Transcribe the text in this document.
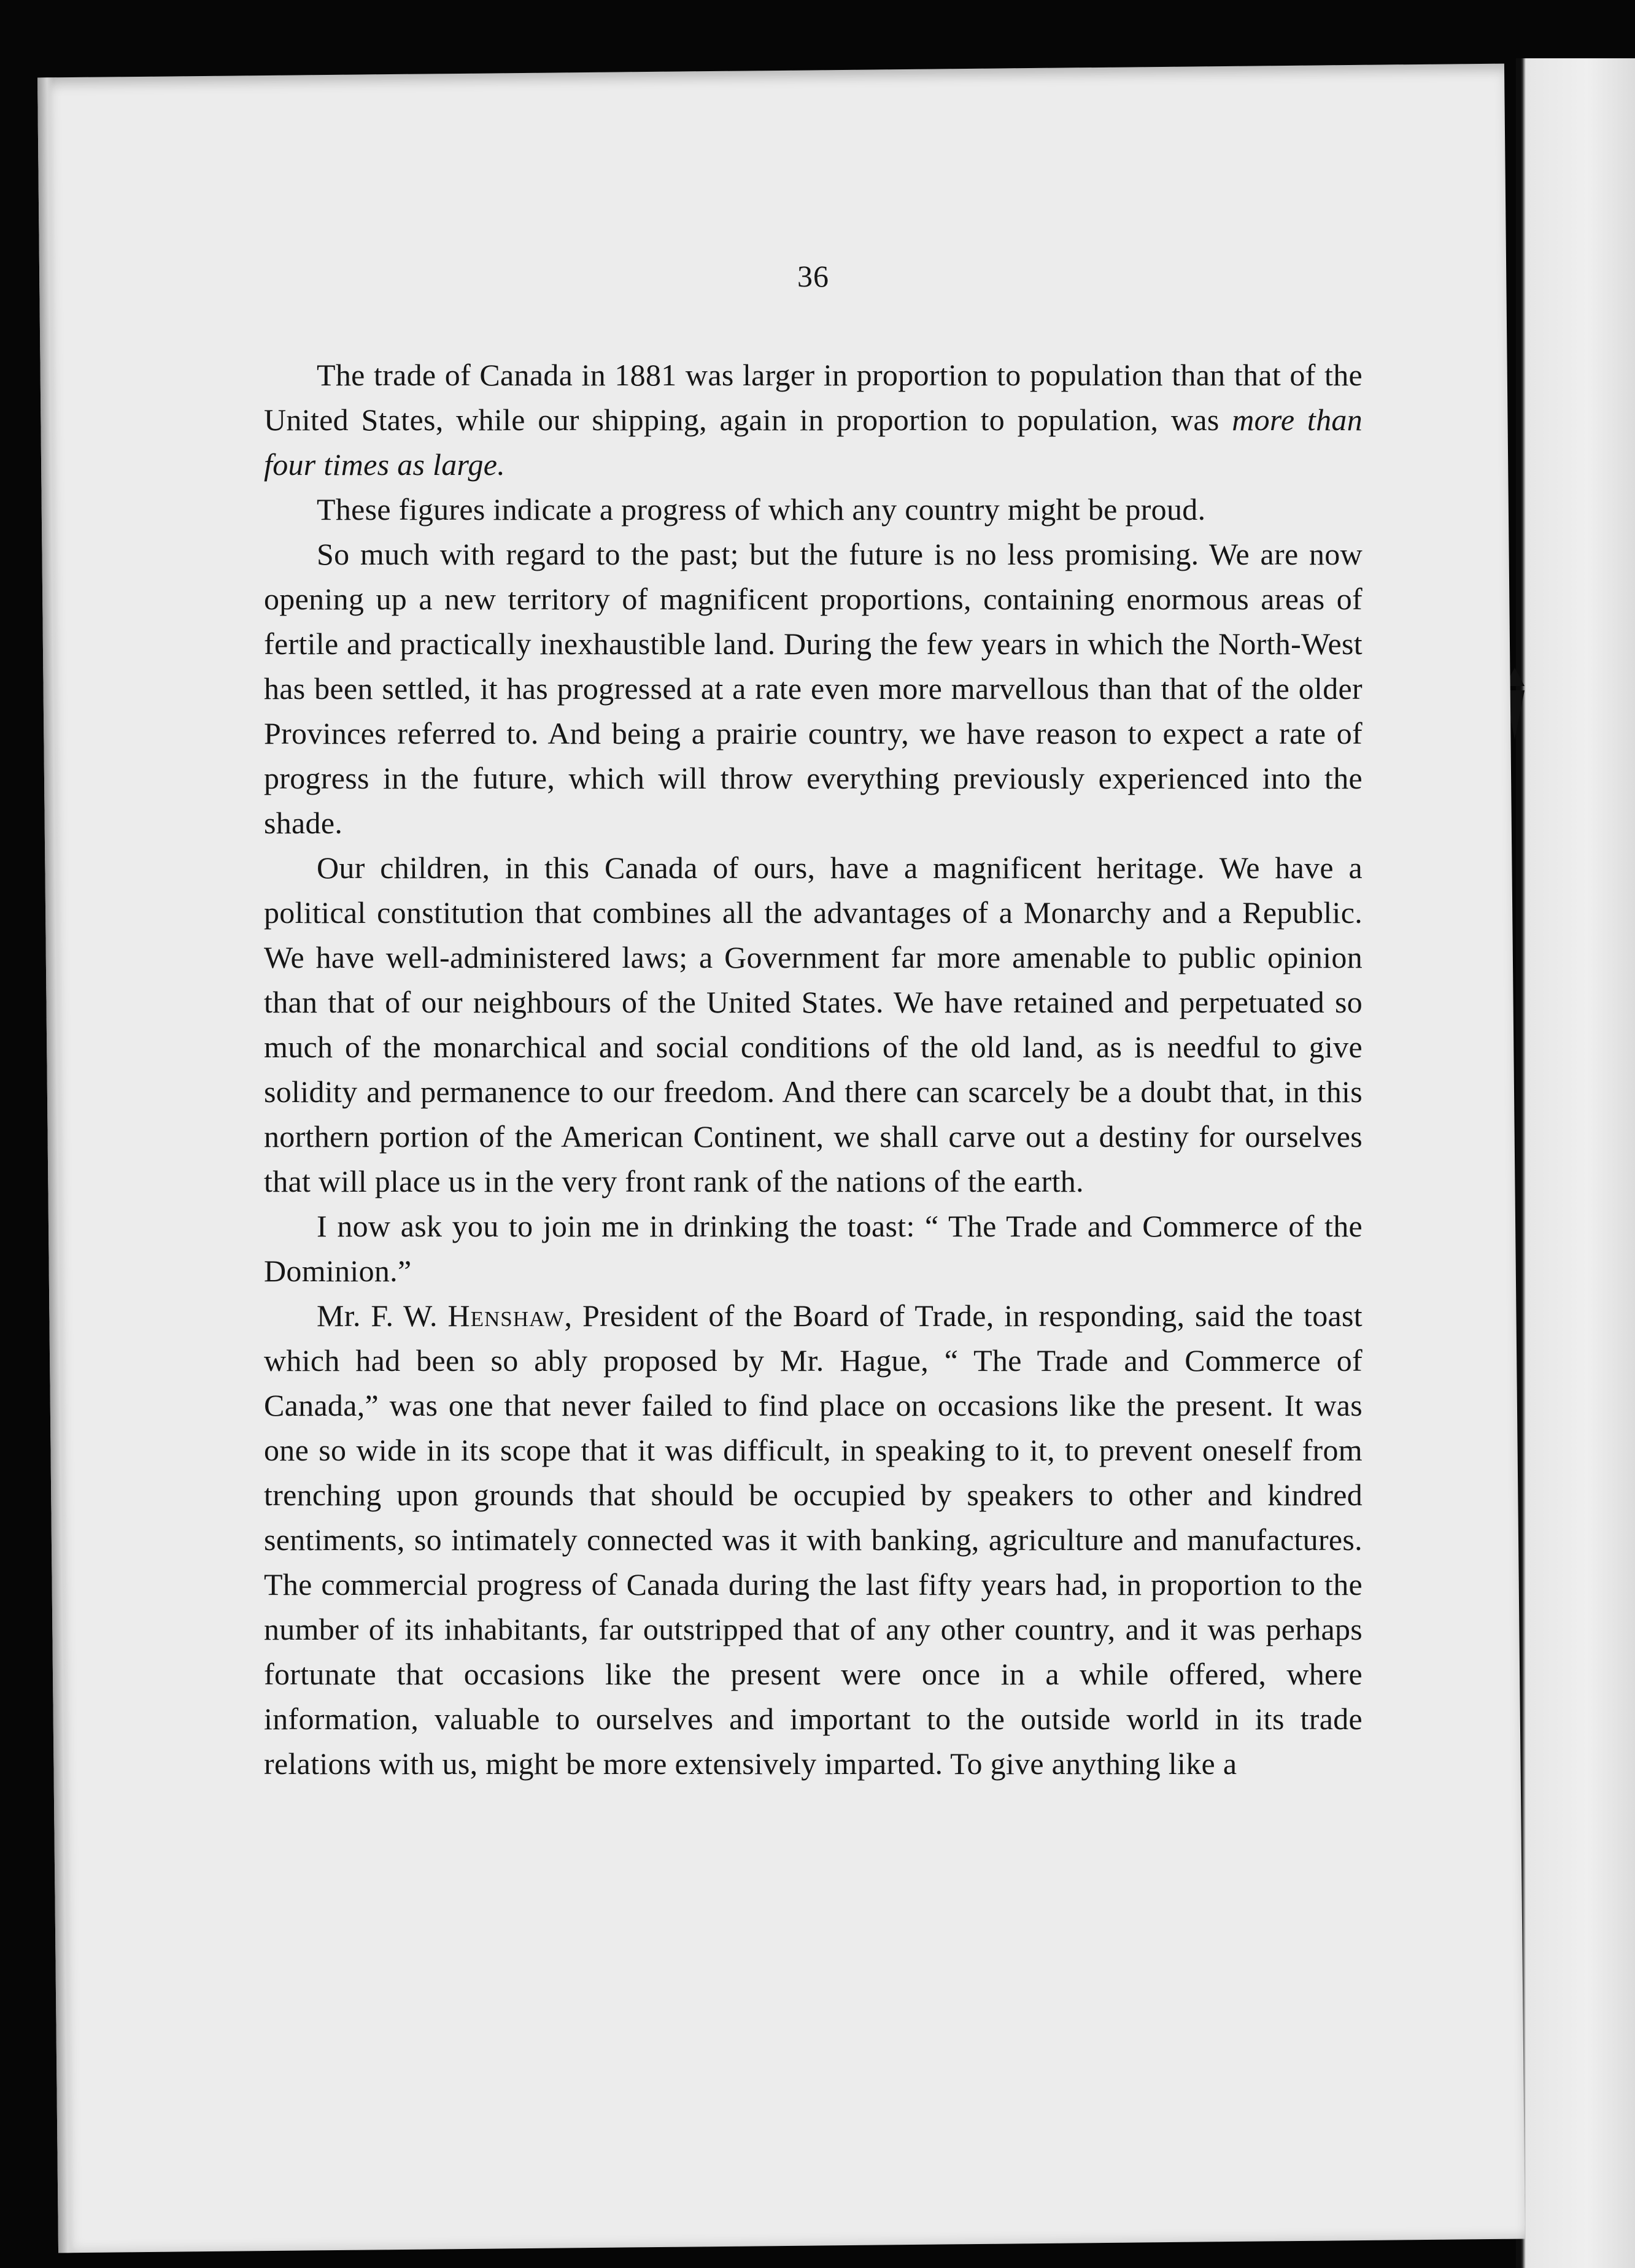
36

The trade of Canada in 1881 was larger in proportion to population than that of the United States, while our shipping, again in proportion to population, was more than four times as large.

These figures indicate a progress of which any country might be proud.

So much with regard to the past; but the future is no less promising. We are now opening up a new territory of magnificent proportions, containing enormous areas of fertile and practically inexhaustible land. During the few years in which the North-West has been settled, it has progressed at a rate even more marvellous than that of the older Provinces referred to. And being a prairie country, we have reason to expect a rate of progress in the future, which will throw everything previously experienced into the shade.

Our children, in this Canada of ours, have a magnificent heritage. We have a political constitution that combines all the advantages of a Monarchy and a Republic. We have well-administered laws; a Government far more amenable to public opinion than that of our neighbours of the United States. We have retained and perpetuated so much of the monarchical and social conditions of the old land, as is needful to give solidity and permanence to our freedom. And there can scarcely be a doubt that, in this northern portion of the American Continent, we shall carve out a destiny for ourselves that will place us in the very front rank of the nations of the earth.

I now ask you to join me in drinking the toast: “ The Trade and Commerce of the Dominion.”

Mr. F. W. Henshaw, President of the Board of Trade, in responding, said the toast which had been so ably proposed by Mr. Hague, “ The Trade and Commerce of Canada,” was one that never failed to find place on occasions like the present. It was one so wide in its scope that it was difficult, in speaking to it, to prevent oneself from trenching upon grounds that should be occupied by speakers to other and kindred sentiments, so intimately connected was it with banking, agriculture and manufactures. The commercial progress of Canada during the last fifty years had, in proportion to the number of its inhabitants, far outstripped that of any other country, and it was perhaps fortunate that occasions like the present were once in a while offered, where information, valuable to ourselves and important to the outside world in its trade relations with us, might be more extensively imparted. To give anything like a
